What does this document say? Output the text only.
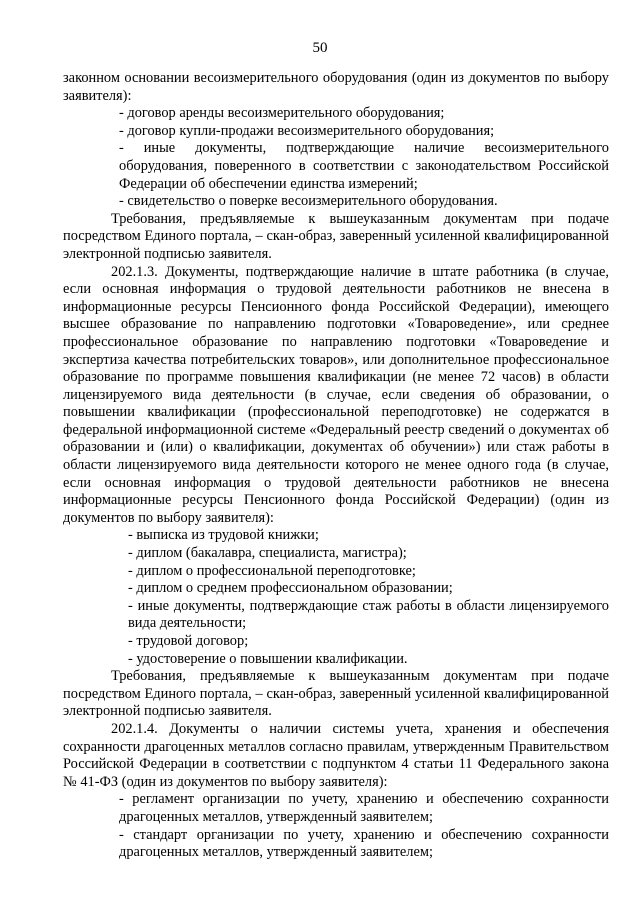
50

законном основании весоизмерительного оборудования (один из документов по выбору заявителя):

- договор аренды весоизмерительного оборудования;

- договор купли-продажи весоизмерительного оборудования;

- иные документы, подтверждающие наличие весоизмерительного оборудования, поверенного в соответствии с законодательством Российской Федерации об обеспечении единства измерений;

- свидетельство о поверке весоизмерительного оборудования.

Требования, предъявляемые к вышеуказанным документам при подаче посредством Единого портала, – скан-образ, заверенный усиленной квалифицированной электронной подписью заявителя.

202.1.3. Документы, подтверждающие наличие в штате работника (в случае, если основная информация о трудовой деятельности работников не внесена в информационные ресурсы Пенсионного фонда Российской Федерации), имеющего высшее образование по направлению подготовки «Товароведение», или среднее профессиональное образование по направлению подготовки «Товароведение и экспертиза качества потребительских товаров», или дополнительное профессиональное образование по программе повышения квалификации (не менее 72 часов) в области лицензируемого вида деятельности (в случае, если сведения об образовании, о повышении квалификации (профессиональной переподготовке) не содержатся в федеральной информационной системе «Федеральный реестр сведений о документах об образовании и (или) о квалификации, документах об обучении») или стаж работы в области лицензируемого вида деятельности которого не менее одного года (в случае, если основная информация о трудовой деятельности работников не внесена информационные ресурсы Пенсионного фонда Российской Федерации) (один из документов по выбору заявителя):

- выписка из трудовой книжки;

- диплом (бакалавра, специалиста, магистра);

- диплом о профессиональной переподготовке;

- диплом о среднем профессиональном образовании;

- иные документы, подтверждающие стаж работы в области лицензируемого вида деятельности;

- трудовой договор;

- удостоверение о повышении квалификации.

Требования, предъявляемые к вышеуказанным документам при подаче посредством Единого портала, – скан-образ, заверенный усиленной квалифицированной электронной подписью заявителя.

202.1.4. Документы о наличии системы учета, хранения и обеспечения сохранности драгоценных металлов согласно правилам, утвержденным Правительством Российской Федерации в соответствии с подпунктом 4 статьи 11 Федерального закона № 41-ФЗ (один из документов по выбору заявителя):

- регламент организации по учету, хранению и обеспечению сохранности драгоценных металлов, утвержденный заявителем;

- стандарт организации по учету, хранению и обеспечению сохранности драгоценных металлов, утвержденный заявителем;
